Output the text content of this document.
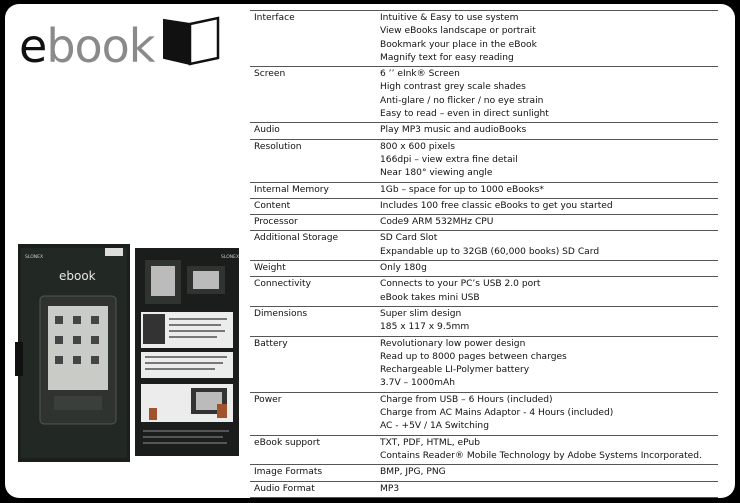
ebook
SLONEX
ebook
SLONEX
Interface	Intuitive & Easy to use system
View eBooks landscape or portrait
Bookmark your place in the eBook
Magnify text for easy reading
Screen	6 ’’ eInk® Screen
High contrast grey scale shades
Anti-glare / no flicker / no eye strain
Easy to read – even in direct sunlight
Audio	Play MP3 music and audioBooks
Resolution	800 x 600 pixels
166dpi – view extra fine detail
Near 180° viewing angle
Internal Memory	1Gb – space for up to 1000 eBooks*
Content	Includes 100 free classic eBooks to get you started
Processor	Code9 ARM 532MHz CPU
Additional Storage	SD Card Slot
Expandable up to 32GB (60,000 books) SD Card
Weight	Only 180g
Connectivity	Connects to your PC’s USB 2.0 port
eBook takes mini USB
Dimensions	Super slim design
185 x 117 x 9.5mm
Battery	Revolutionary low power design
Read up to 8000 pages between charges
Rechargeable LI-Polymer battery
3.7V – 1000mAh
Power	Charge from USB – 6 Hours (included)
Charge from AC Mains Adaptor - 4 Hours (included)
AC - +5V / 1A Switching
eBook support	TXT, PDF, HTML, ePub
Contains Reader® Mobile Technology by Adobe Systems Incorporated.
Image Formats	BMP, JPG, PNG
Audio Format	MP3
